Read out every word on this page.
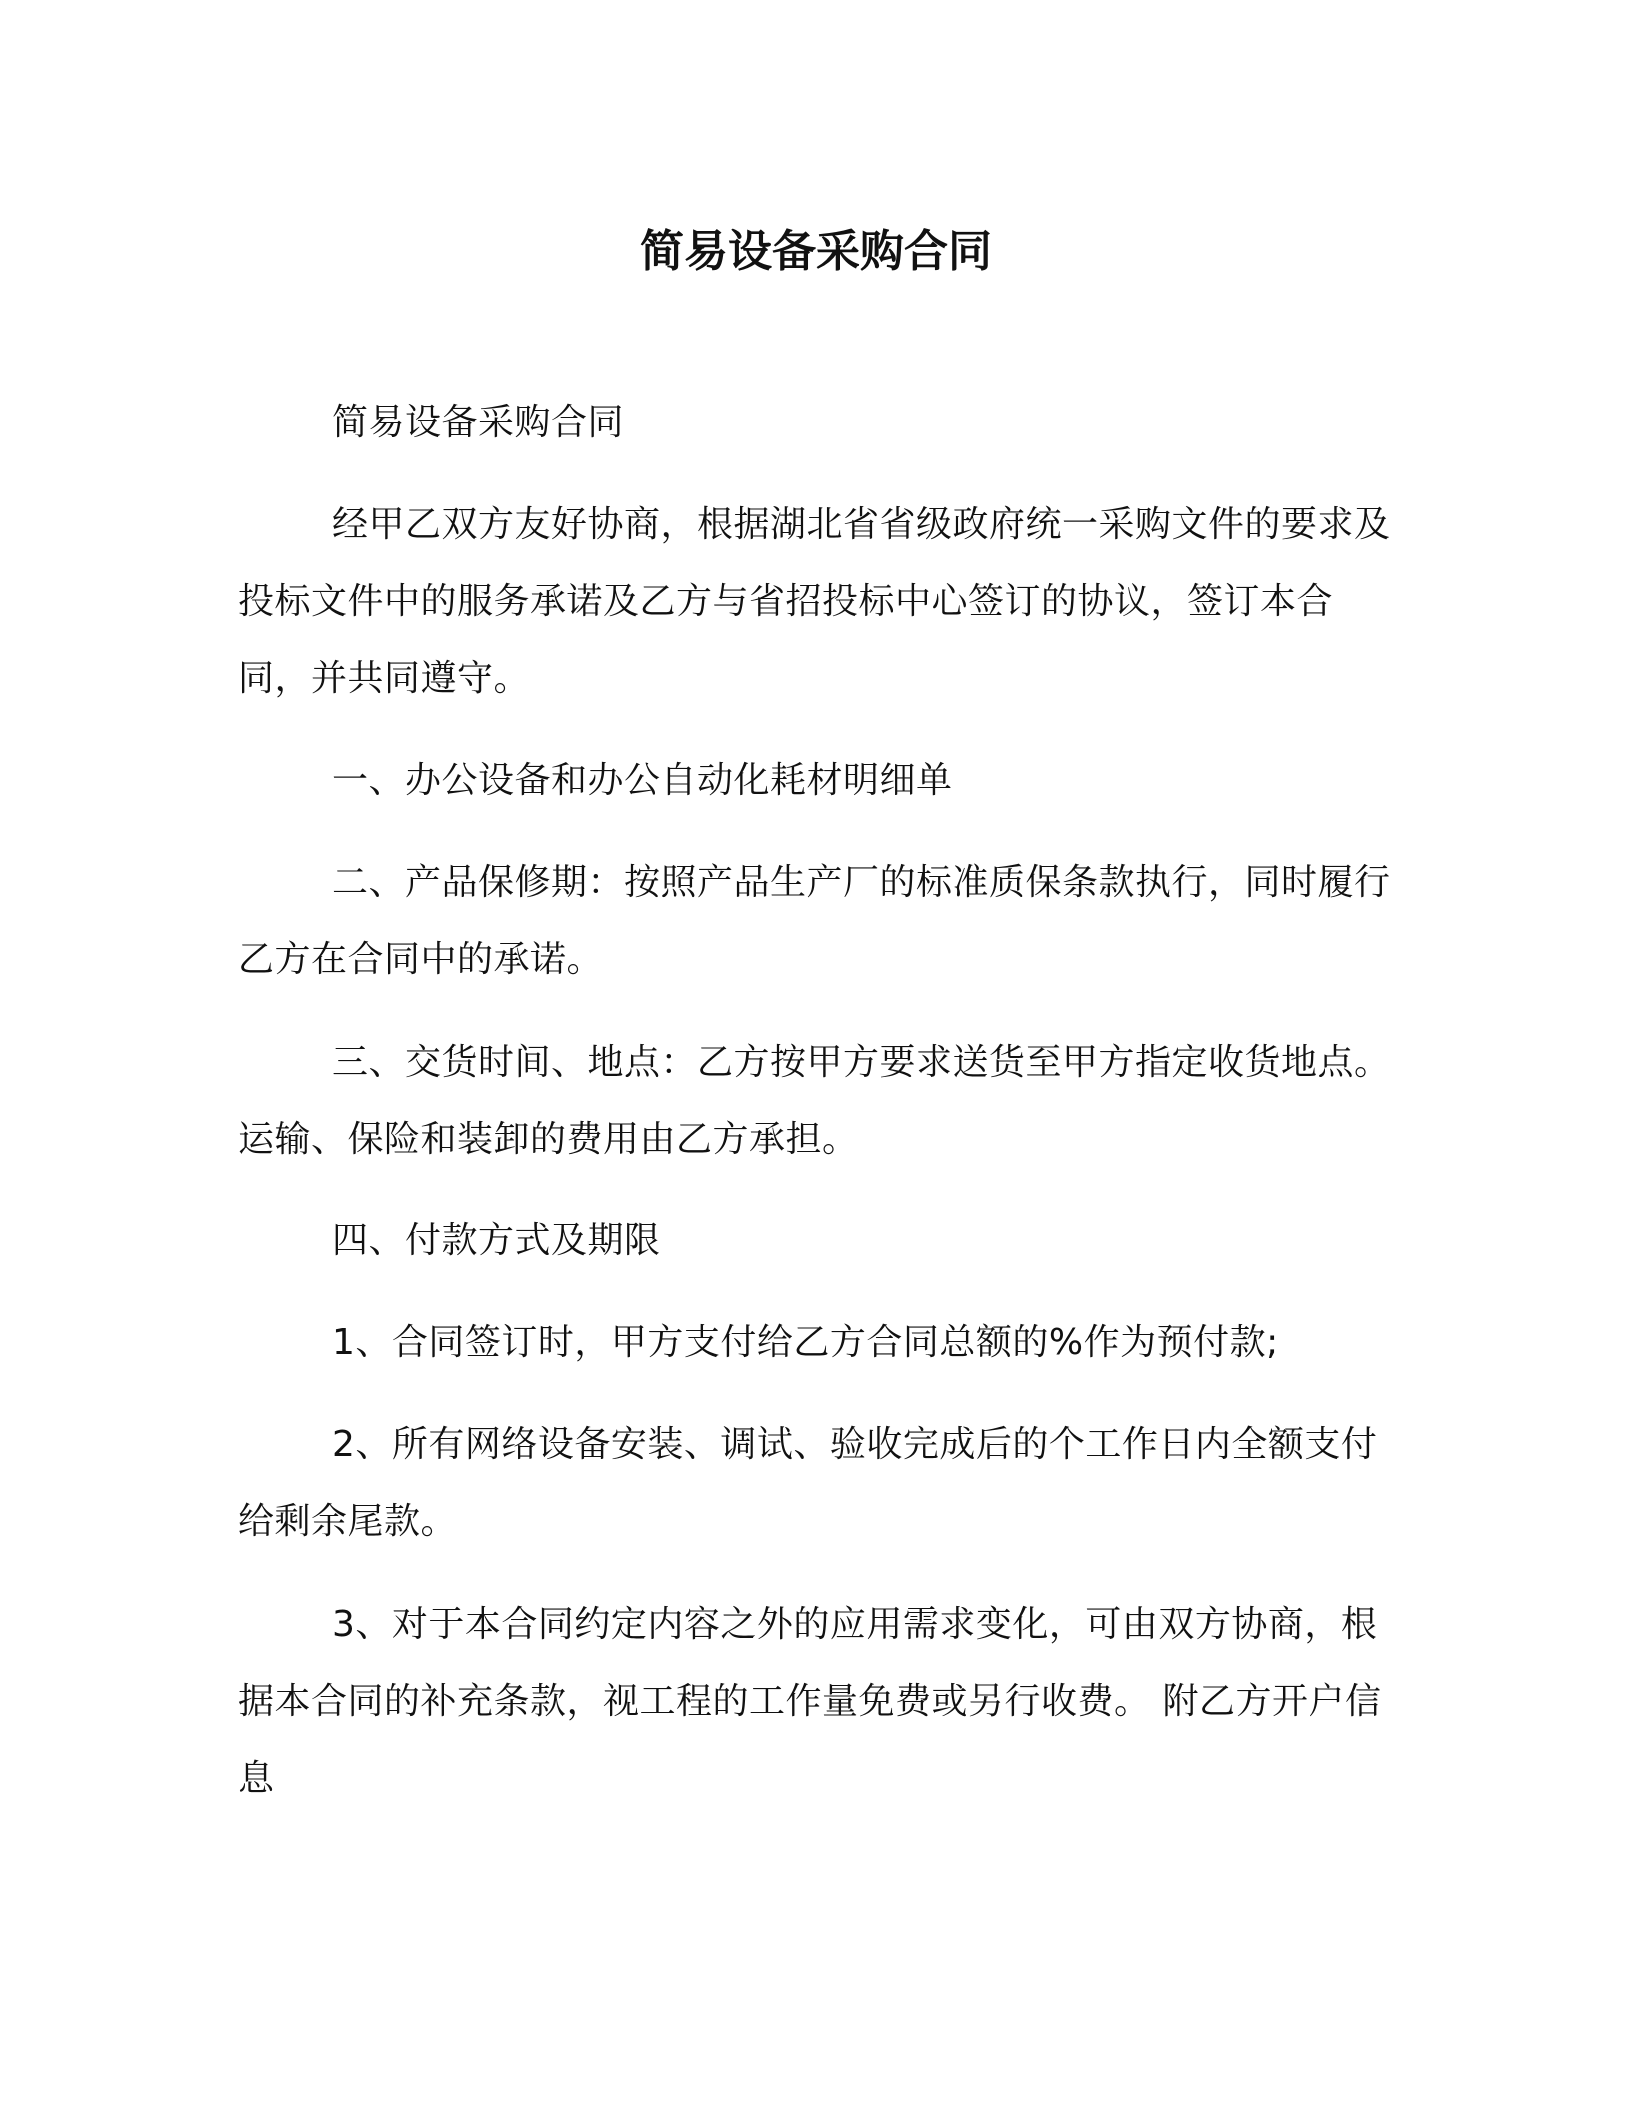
简易设备采购合同

简易设备采购合同

经甲乙双方友好协商，根据湖北省省级政府统一采购文件的要求及投标文件中的服务承诺及乙方与省招投标中心签订的协议，签订本合同，并共同遵守。

一、办公设备和办公自动化耗材明细单

二、产品保修期：按照产品生产厂的标准质保条款执行，同时履行乙方在合同中的承诺。

三、交货时间、地点：乙方按甲方要求送货至甲方指定收货地点。运输、保险和装卸的费用由乙方承担。

四、付款方式及期限

1、合同签订时，甲方支付给乙方合同总额的%作为预付款;

2、所有网络设备安装、调试、验收完成后的个工作日内全额支付给剩余尾款。

3、对于本合同约定内容之外的应用需求变化，可由双方协商，根据本合同的补充条款，视工程的工作量免费或另行收费。 附乙方开户信息
